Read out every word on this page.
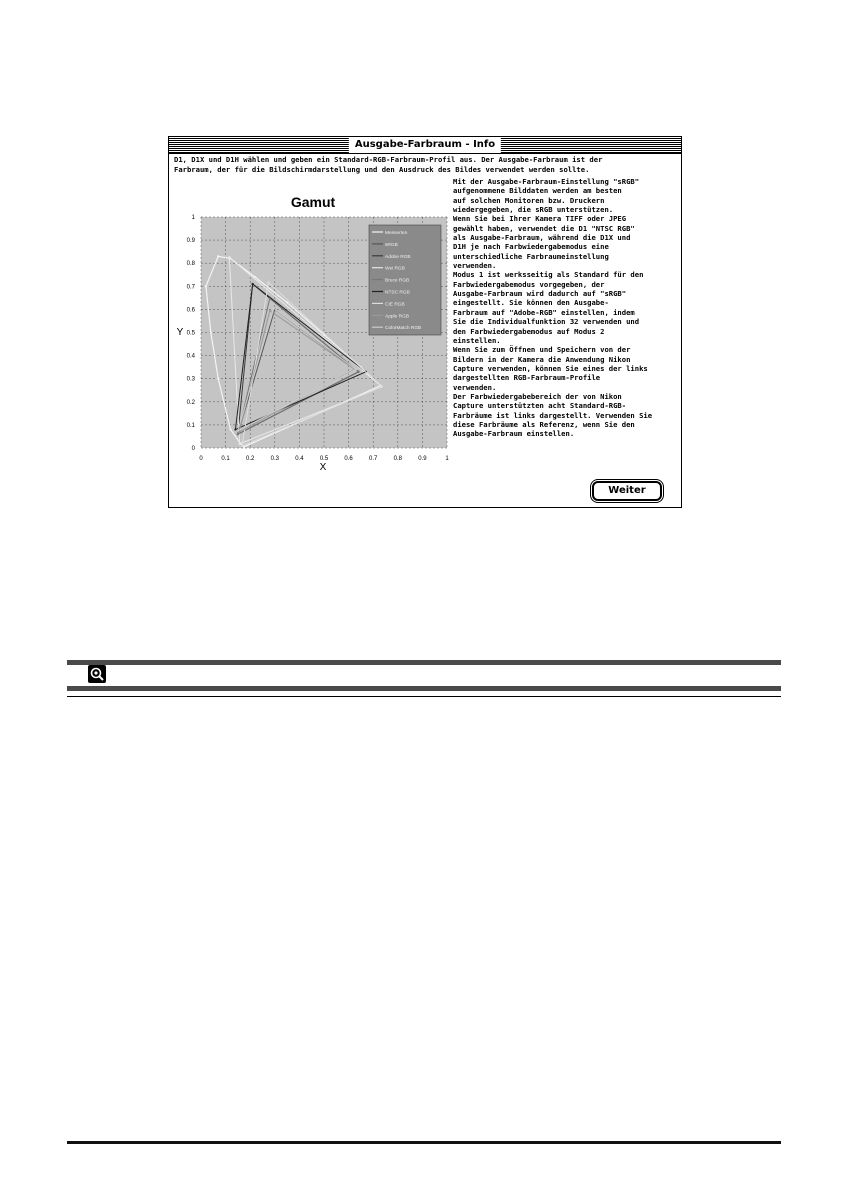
Ausgabe-Farbraum - Info
D1, D1X und D1H wählen und geben ein Standard-RGB-Farbraum-Profil aus. Der Ausgabe-Farbraum ist der
Farbraum, der für die Bildschirmdarstellung und den Ausdruck des Bildes verwendet werden sollte.
0	0.1	0.2	0.3	0.4	0.5	0.6	0.7	0.8	0.9	1
0
0.1
0.2
0.3
0.4
0.5
0.6
0.7
0.8
0.9
1
Gamut
X
Y
Messerten
sRGB
Adobe RGB
Wei RGB
Bruce RGB
NTSC RGB
CIE RGB
Apple RGB
ColorMatch RGB
Mit der Ausgabe-Farbraum-Einstellung "sRGB"
aufgenommene Bilddaten werden am besten
auf solchen Monitoren bzw. Druckern
wiedergegeben, die sRGB unterstützen.
Wenn Sie bei Ihrer Kamera TIFF oder JPEG
gewählt haben, verwendet die D1 "NTSC RGB"
als Ausgabe-Farbraum, während die D1X und
D1H je nach Farbwiedergabemodus eine
unterschiedliche Farbraumeinstellung
verwenden.
Modus 1 ist werksseitig als Standard für den
Farbwiedergabemodus vorgegeben, der
Ausgabe-Farbraum wird dadurch auf "sRGB"
eingestellt. Sie können den Ausgabe-
Farbraum auf "Adobe-RGB" einstellen, indem
Sie die Individualfunktion 32 verwenden und
den Farbwiedergabemodus auf Modus 2
einstellen.
Wenn Sie zum Öffnen und Speichern von der
Bildern in der Kamera die Anwendung Nikon
Capture verwenden, können Sie eines der links
dargestellten RGB-Farbraum-Profile
verwenden.
Der Farbwiedergabebereich der von Nikon
Capture unterstützten acht Standard-RGB-
Farbräume ist links dargestellt. Verwenden Sie
diese Farbräume als Referenz, wenn Sie den
Ausgabe-Farbraum einstellen.
Weiter
